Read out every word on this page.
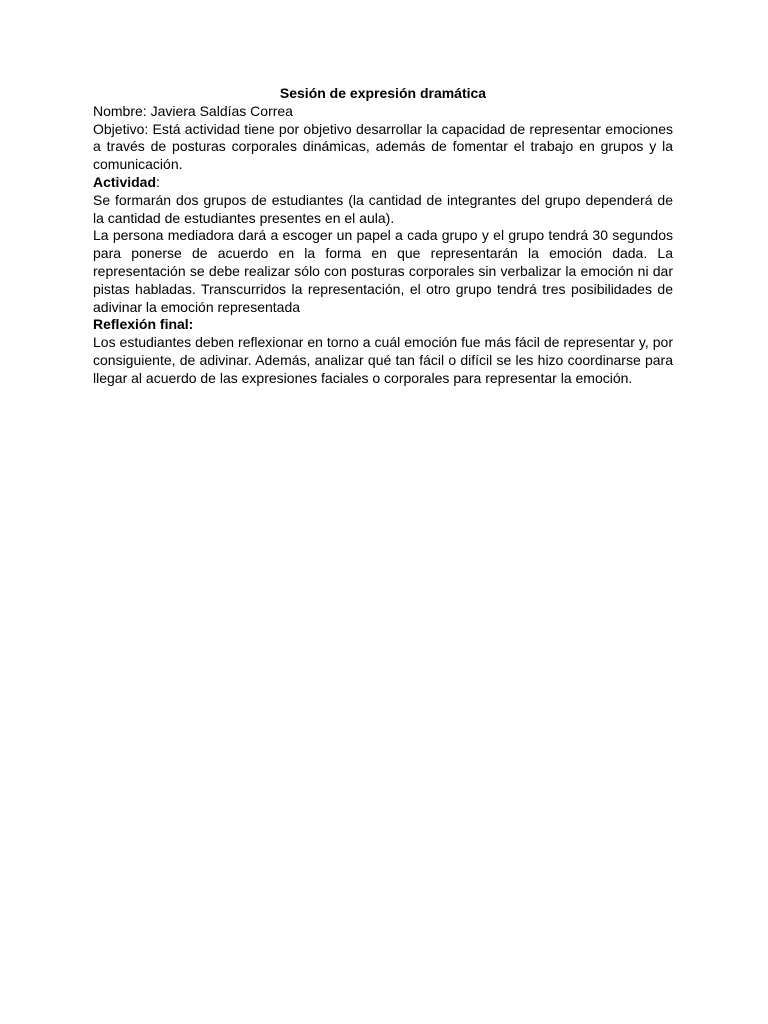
Sesión de expresión dramática

Nombre: Javiera Saldías Correa

Objetivo: Está actividad tiene por objetivo desarrollar la capacidad de representar emociones a través de posturas corporales dinámicas, además de fomentar el trabajo en grupos y la comunicación.

Actividad:

Se formarán dos grupos de estudiantes (la cantidad de integrantes del grupo dependerá de la cantidad de estudiantes presentes en el aula).

La persona mediadora dará a escoger un papel a cada grupo y el grupo tendrá 30 segundos para ponerse de acuerdo en la forma en que representarán la emoción dada. La representación se debe realizar sólo con posturas corporales sin verbalizar la emoción ni dar pistas habladas. Transcurridos la representación, el otro grupo tendrá tres posibilidades de adivinar la emoción representada

Reflexión final:

Los estudiantes deben reflexionar en torno a cuál emoción fue más fácil de representar y, por consiguiente, de adivinar. Además, analizar qué tan fácil o difícil se les hizo coordinarse para llegar al acuerdo de las expresiones faciales o corporales para representar la emoción.
